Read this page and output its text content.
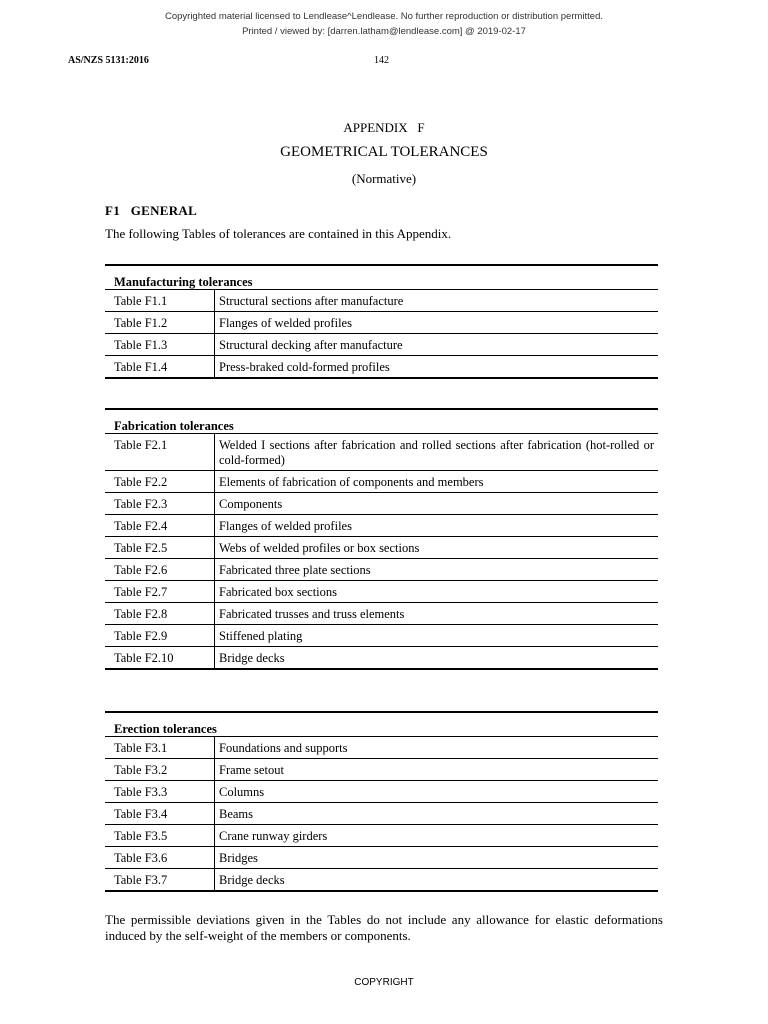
Copyrighted material licensed to Lendlease^Lendlease. No further reproduction or distribution permitted.
Printed / viewed by: [darren.latham@lendlease.com] @ 2019-02-17
AS/NZS 5131:2016	142
APPENDIX   F
GEOMETRICAL TOLERANCES
(Normative)
F1   GENERAL
The following Tables of tolerances are contained in this Appendix.
Manufacturing tolerances	
Table F1.1	Structural sections after manufacture
Table F1.2	Flanges of welded profiles
Table F1.3	Structural decking after manufacture
Table F1.4	Press-braked cold-formed profiles
Fabrication tolerances	
Table F2.1	Welded I sections after fabrication and rolled sections after fabrication (hot-rolled or cold-formed)
Table F2.2	Elements of fabrication of components and members
Table F2.3	Components
Table F2.4	Flanges of welded profiles
Table F2.5	Webs of welded profiles or box sections
Table F2.6	Fabricated three plate sections
Table F2.7	Fabricated box sections
Table F2.8	Fabricated trusses and truss elements
Table F2.9	Stiffened plating
Table F2.10	Bridge decks
Erection tolerances	
Table F3.1	Foundations and supports
Table F3.2	Frame setout
Table F3.3	Columns
Table F3.4	Beams
Table F3.5	Crane runway girders
Table F3.6	Bridges
Table F3.7	Bridge decks
The permissible deviations given in the Tables do not include any allowance for elastic deformations induced by the self-weight of the members or components.
COPYRIGHT
